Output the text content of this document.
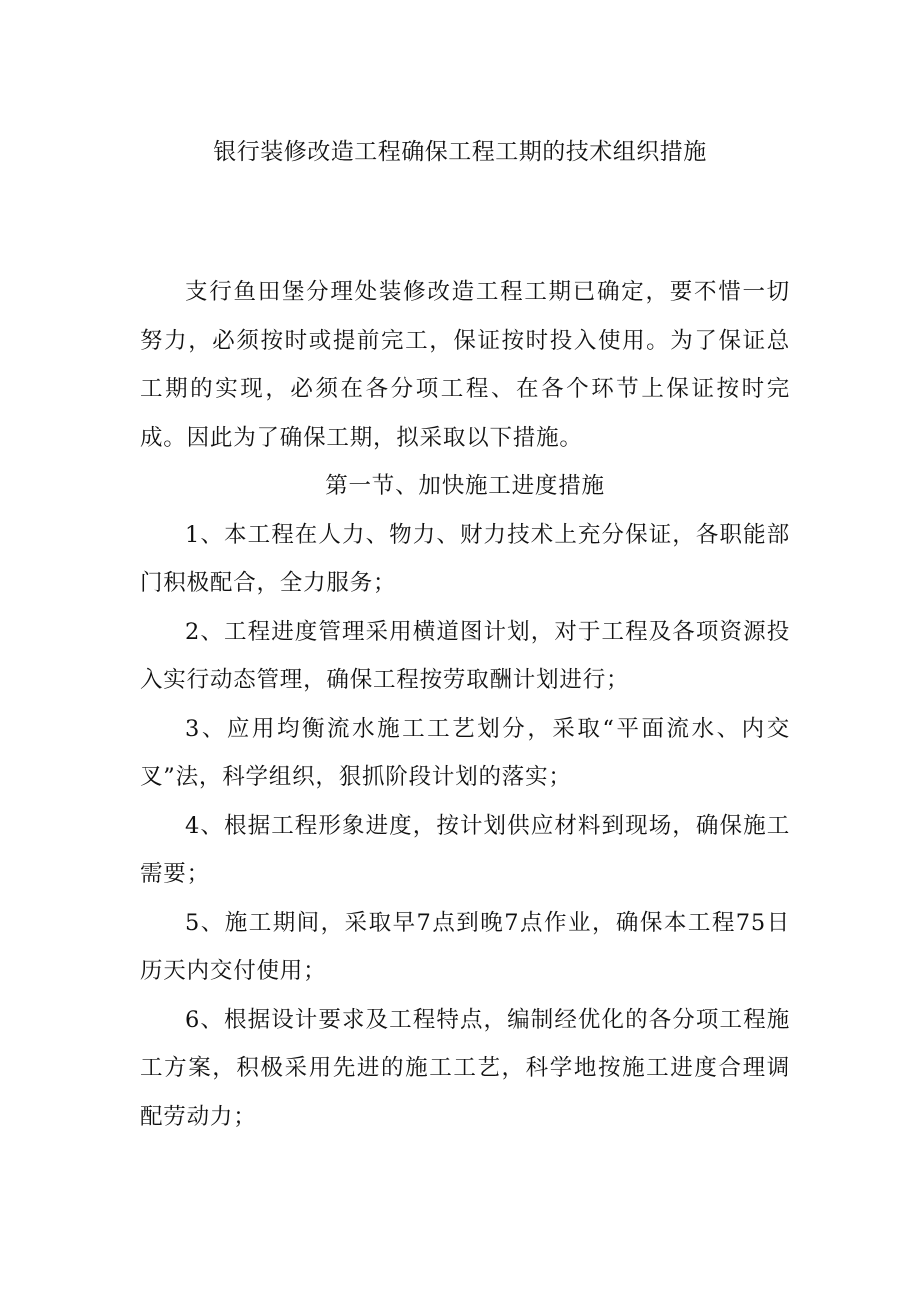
银行装修改造工程确保工程工期的技术组织措施

支行鱼田堡分理处装修改造工程工期已确定，要不惜一切努力，必须按时或提前完工，保证按时投入使用。为了保证总工期的实现，必须在各分项工程、在各个环节上保证按时完成。因此为了确保工期，拟采取以下措施。

第一节、加快施工进度措施

1、本工程在人力、物力、财力技术上充分保证，各职能部门积极配合，全力服务；

2、工程进度管理采用横道图计划，对于工程及各项资源投入实行动态管理，确保工程按劳取酬计划进行；

3、应用均衡流水施工工艺划分，采取“平面流水、内交叉”法，科学组织，狠抓阶段计划的落实；

4、根据工程形象进度，按计划供应材料到现场，确保施工需要；

5、施工期间，采取早7点到晚7点作业，确保本工程75日历天内交付使用；

6、根据设计要求及工程特点，编制经优化的各分项工程施工方案，积极采用先进的施工工艺，科学地按施工进度合理调配劳动力；
